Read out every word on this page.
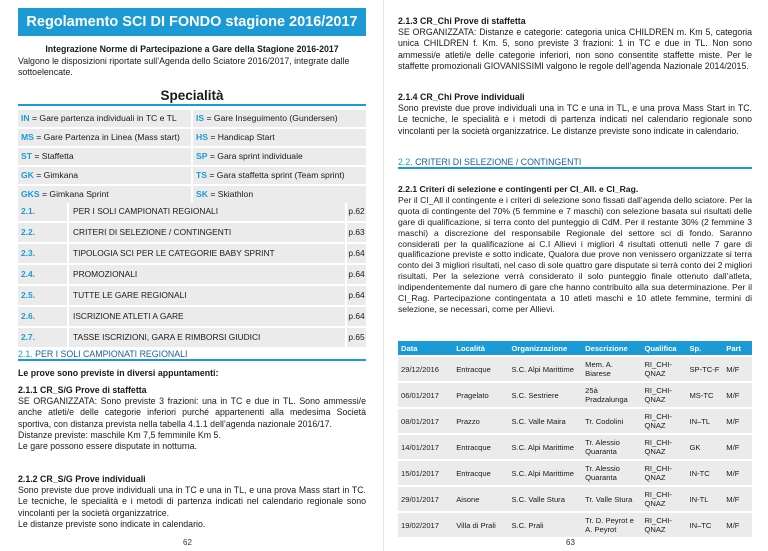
Regolamento SCI DI FONDO stagione 2016/2017
Integrazione Norme di Partecipazione a Gare della Stagione 2016-2017
Valgono le disposizioni riportate sull’Agenda dello Sciatore 2016/2017, integrate dalle sottoelencate.
Specialità
IN = Gare partenza individuali in TC e TL	IS = Gare Inseguimento (Gundersen)
MS = Gare Partenza in Linea (Mass start)	HS = Handicap Start
ST = Staffetta	SP = Gara sprint individuale
GK = Gimkana	TS = Gara staffetta sprint (Team sprint)
GKS = Gimkana Sprint	SK = Skiathlon
2.1.	PER I SOLI CAMPIONATI REGIONALI	p.62
2.2.	CRITERI DI SELEZIONE / CONTINGENTI	p.63
2.3.	TIPOLOGIA SCI PER LE CATEGORIE BABY SPRINT	p.64
2.4.	PROMOZIONALI	p.64
2.5.	TUTTE LE GARE REGIONALI	p.64
2.6.	ISCRIZIONE ATLETI A GARE	p.64
2.7.	TASSE ISCRIZIONI, GARA E RIMBORSI GIUDICI	p.65
2.1. PER I SOLI CAMPIONATI REGIONALI
Le prove sono previste in diversi appuntamenti:
2.1.1 CR_S/G Prove di staffetta
SE ORGANIZZATA: Sono previste 3 frazioni: una in TC e due in TL. Sono ammessi/e anche atleti/e delle categorie inferiori purché appartenenti alla medesima Società sportiva, con distanza prevista nella tabella 4.1.1 dell’agenda nazionale 2016/17.
Distanze previste: maschile Km 7,5 femminile Km 5.
Le gare possono essere disputate in notturna.
2.1.2 CR_S/G Prove individuali
Sono previste due prove individuali una in TC e una in TL, e una prova Mass start in TC. Le tecniche, le specialità e i metodi di partenza indicati nel calendario regionale sono vincolanti per la società organizzatrice.
Le distanze previste sono indicate in calendario.
62
2.1.3 CR_Chi Prove di staffetta
SE ORGANIZZATA: Distanze e categorie: categoria unica CHILDREN m. Km 5, categoria unica CHILDREN f. Km. 5, sono previste 3 frazioni: 1 in TC e due in TL. Non sono ammessi/e atleti/e delle categorie inferiori, non sono consentite staffette miste. Per le staffette promozionali GIOVANISSIMI valgono le regole dell’agenda Nazionale 2014/2015.
2.1.4 CR_Chi Prove individuali
Sono previste due prove individuali una in TC e una in TL, e una prova Mass Start in TC. Le tecniche, le specialità e i metodi di partenza indicati nel calendario regionale sono vincolanti per la società organizzatrice. Le distanze previste sono indicate in calendario.
2.2. CRITERI DI SELEZIONE / CONTINGENTI
2.2.1 Criteri di selezione e contingenti per CI_All. e CI_Rag.
Per il CI_All il contingente e i criteri di selezione sono fissati dall’agenda dello sciatore. Per la quota di contingente del 70% (5 femmine e 7 maschi) con selezione basata sui risultati delle gare di qualificazione, si terra conto del punteggio di CdM. Per il restante 30% (2 femmine 3 maschi) a discrezione del responsabile Regionale del settore sci di fondo. Saranno considerati per la qualificazione ai C.I Allievi i migliori 4 risultati ottenuti nelle 7 gare di qualificazione previste e sotto indicate, Qualora due prove non venissero organizzate si terra conto dei 3 migliori risultati, nel caso di sole quattro gare disputate si terrà conto dei 2 migliori risultati. Per la selezione verrà considerato il solo punteggio finale ottenuto dall’atleta, indipendentemente dal numero di gare che hanno contribuito alla sua determinazione. Per il CI_Rag. Partecipazione contingentata a 10 atleti maschi e 10 atlete femmine, termini di selezione, se necessari, come per Allievi.
Data	Località	Organizzazione	Descrizione	Qualifica	Sp.	Part
29/12/2016	Entracque	S.C. Alpi Marittime	Mem. A. Biarese	RI_CHI-QNAZ	SP-TC-F	M/F
06/01/2017	Pragelato	S.C. Sestriere	25à Pradzalunga	RI_CHI-QNAZ	MS-TC	M/F
08/01/2017	Prazzo	S.C. Valle Maira	Tr. Codolini	RI_CHI-QNAZ	IN–TL	M/F
14/01/2017	Entracque	S.C. Alpi Marittime	Tr. Alessio Quaranta	RI_CHI-QNAZ	GK	M/F
15/01/2017	Entracque	S.C. Alpi Marittime	Tr. Alessio Quaranta	RI_CHI-QNAZ	IN-TC	M/F
29/01/2017	Aisone	S.C. Valle Stura	Tr. Valle Stura	RI_CHI-QNAZ	IN-TL	M/F
19/02/2017	Villa di Prali	S.C. Prali	Tr. D. Peyrot e A. Peyrot	RI_CHI-QNAZ	IN–TC	M/F
63
